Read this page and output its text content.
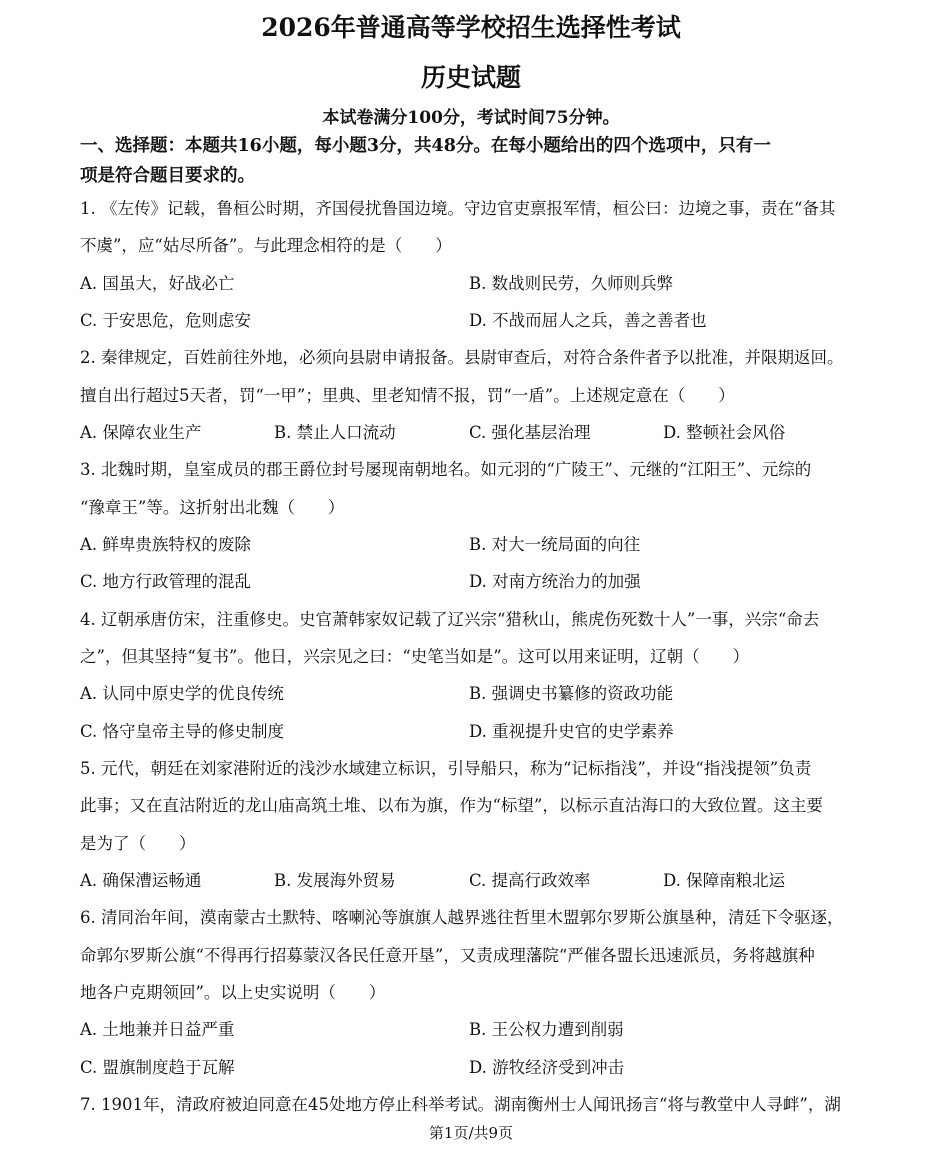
2026年普通高等学校招生选择性考试
历史试题
本试卷满分100分，考试时间75分钟。
一、选择题：本题共16小题，每小题3分，共48分。在每小题给出的四个选项中，只有一
项是符合题目要求的。
1. 《左传》记载，鲁桓公时期，齐国侵扰鲁国边境。守边官吏禀报军情，桓公曰：边境之事，责在“备其
不虞”，应“姑尽所备”。与此理念相符的是（　　）
A. 国虽大，好战必亡	B. 数战则民劳，久师则兵弊
C. 于安思危，危则虑安	D. 不战而屈人之兵，善之善者也
2. 秦律规定，百姓前往外地，必须向县尉申请报备。县尉审查后，对符合条件者予以批准，并限期返回。
擅自出行超过5天者，罚“一甲”；里典、里老知情不报，罚“一盾”。上述规定意在（　　）
A. 保障农业生产	B. 禁止人口流动	C. 强化基层治理	D. 整顿社会风俗
3. 北魏时期，皇室成员的郡王爵位封号屡现南朝地名。如元羽的“广陵王”、元继的“江阳王”、元综的
“豫章王”等。这折射出北魏（　　）
A. 鲜卑贵族特权的废除	B. 对大一统局面的向往
C. 地方行政管理的混乱	D. 对南方统治力的加强
4. 辽朝承唐仿宋，注重修史。史官萧韩家奴记载了辽兴宗“猎秋山，熊虎伤死数十人”一事，兴宗“命去
之”，但其坚持“复书”。他日，兴宗见之曰：“史笔当如是”。这可以用来证明，辽朝（　　）
A. 认同中原史学的优良传统	B. 强调史书纂修的资政功能
C. 恪守皇帝主导的修史制度	D. 重视提升史官的史学素养
5. 元代，朝廷在刘家港附近的浅沙水域建立标识，引导船只，称为“记标指浅”，并设“指浅提领”负责
此事；又在直沽附近的龙山庙高筑土堆、以布为旗，作为“标望”，以标示直沽海口的大致位置。这主要
是为了（　　）
A. 确保漕运畅通	B. 发展海外贸易	C. 提高行政效率	D. 保障南粮北运
6. 清同治年间，漠南蒙古土默特、喀喇沁等旗旗人越界逃往哲里木盟郭尔罗斯公旗垦种，清廷下令驱逐，
命郭尔罗斯公旗“不得再行招募蒙汉各民任意开垦”，又责成理藩院“严催各盟长迅速派员，务将越旗种
地各户克期领回”。以上史实说明（　　）
A. 土地兼并日益严重	B. 王公权力遭到削弱
C. 盟旗制度趋于瓦解	D. 游牧经济受到冲击
7. 1901年，清政府被迫同意在45处地方停止科举考试。湖南衡州士人闻讯扬言“将与教堂中人寻衅”，湖
第1页/共9页
